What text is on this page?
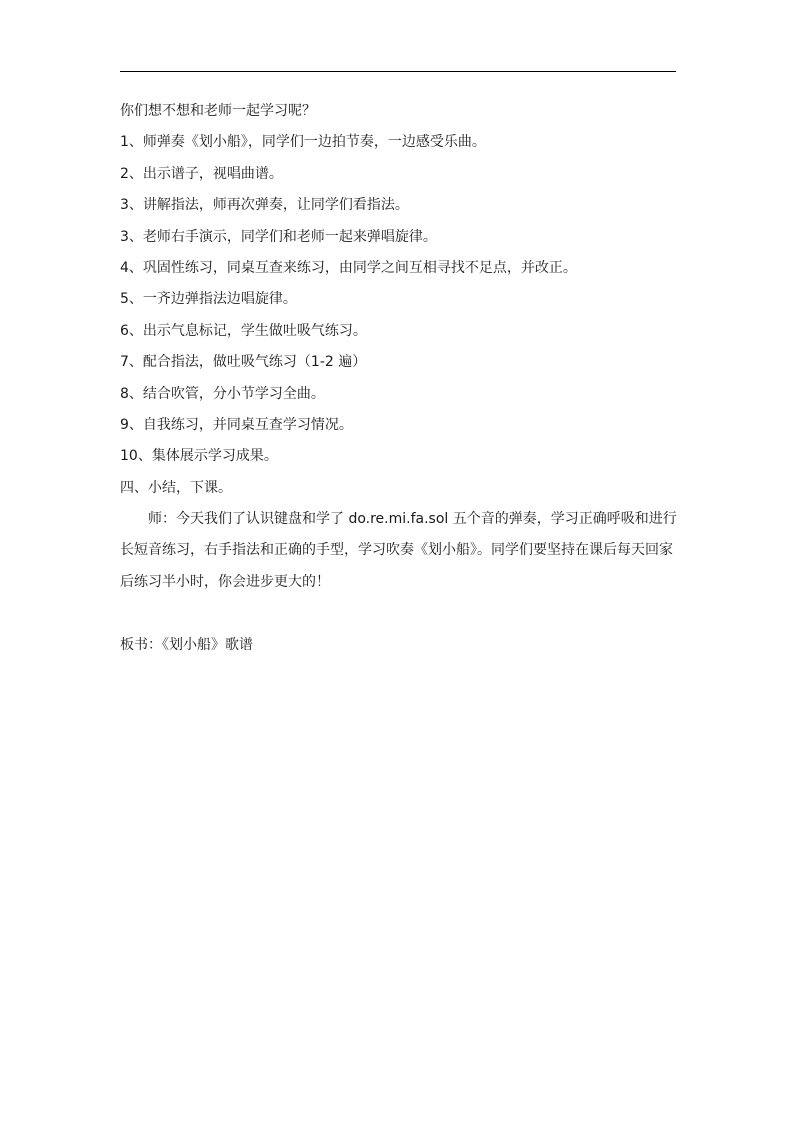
你们想不想和老师一起学习呢？
1、师弹奏《划小船》，同学们一边拍节奏，一边感受乐曲。
2、出示谱子，视唱曲谱。
3、讲解指法，师再次弹奏，让同学们看指法。
3、老师右手演示，同学们和老师一起来弹唱旋律。
4、巩固性练习，同桌互查来练习，由同学之间互相寻找不足点，并改正。
5、一齐边弹指法边唱旋律。
6、出示气息标记，学生做吐吸气练习。
7、配合指法，做吐吸气练习（1-2 遍）
8、结合吹管，分小节学习全曲。
9、自我练习，并同桌互查学习情况。
10、集体展示学习成果。
四、小结，下课。
师：今天我们了认识键盘和学了 do.re.mi.fa.sol 五个音的弹奏，学习正确呼吸和进行长短音练习，右手指法和正确的手型，学习吹奏《划小船》。同学们要坚持在课后每天回家后练习半小时，你会进步更大的！
板书：《划小船》歌谱
